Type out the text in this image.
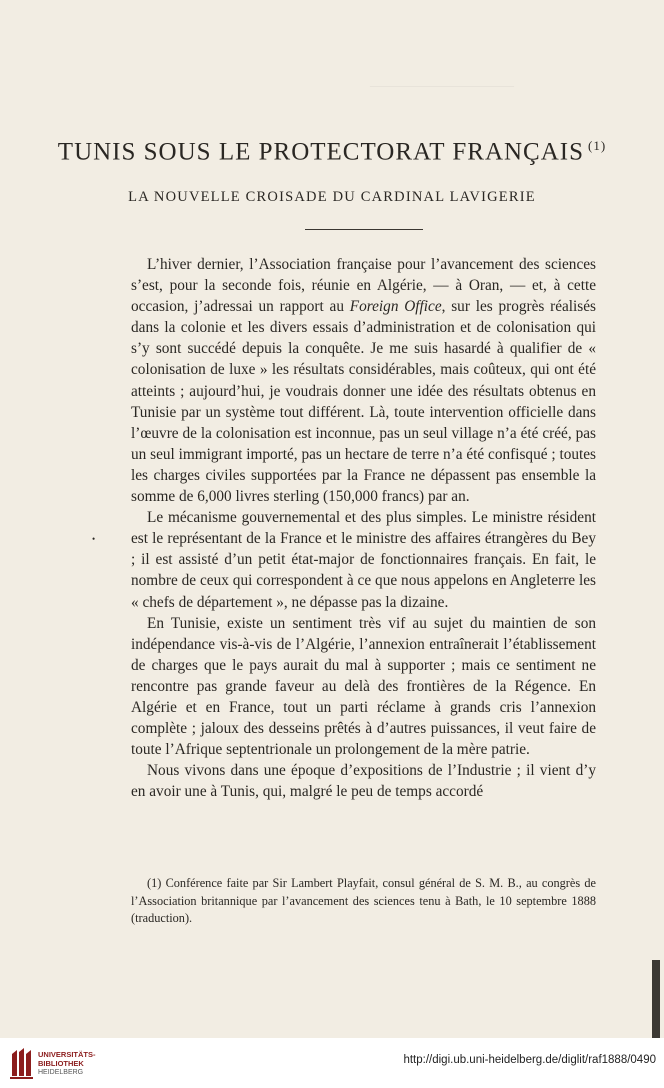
————————————
TUNIS SOUS LE PROTECTORAT FRANÇAIS $^{(1)}$
LA NOUVELLE CROISADE DU CARDINAL LAVIGERIE

L’hiver dernier, l’Association française pour l’avancement des sciences s’est, pour la seconde fois, réunie en Algérie, — à Oran, — et, à cette occasion, j’adressai un rapport au Foreign Office, sur les progrès réalisés dans la colonie et les divers essais d’administration et de colonisation qui s’y sont succédé depuis la conquête. Je me suis hasardé à qualifier de « colonisation de luxe » les résultats considérables, mais coûteux, qui ont été atteints ; aujourd’hui, je voudrais donner une idée des résultats obtenus en Tunisie par un système tout différent. Là, toute intervention officielle dans l’œuvre de la colonisation est inconnue, pas un seul village n’a été créé, pas un seul immigrant importé, pas un hectare de terre n’a été confisqué ; toutes les charges civiles supportées par la France ne dépassent pas ensemble la somme de 6,000 livres sterling (150,000 francs) par an.

Le mécanisme gouvernemental et des plus simples. Le ministre résident est le représentant de la France et le ministre des affaires étrangères du Bey ; il est assisté d’un petit état-major de fonctionnaires français. En fait, le nombre de ceux qui correspondent à ce que nous appelons en Angleterre les « chefs de département », ne dépasse pas la dizaine.

En Tunisie, existe un sentiment très vif au sujet du maintien de son indépendance vis-à-vis de l’Algérie, l’annexion entraînerait l’établissement de charges que le pays aurait du mal à supporter ; mais ce sentiment ne rencontre pas grande faveur au delà des frontières de la Régence. En Algérie et en France, tout un parti réclame à grands cris l’annexion complète ; jaloux des desseins prêtés à d’autres puissances, il veut faire de toute l’Afrique septentrionale un prolongement de la mère patrie.

Nous vivons dans une époque d’expositions de l’Industrie ; il vient d’y en avoir une à Tunis, qui, malgré le peu de temps accordé

•

(1) Conférence faite par Sir Lambert Playfait, consul général de S. M. B., au congrès de l’Association britannique par l’avancement des sciences tenu à Bath, le 10 septembre 1888 (traduction).

UNIVERSITÄTS-
BIBLIOTHEK
HEIDELBERG
http://digi.ub.uni-heidelberg.de/diglit/raf1888/0490
